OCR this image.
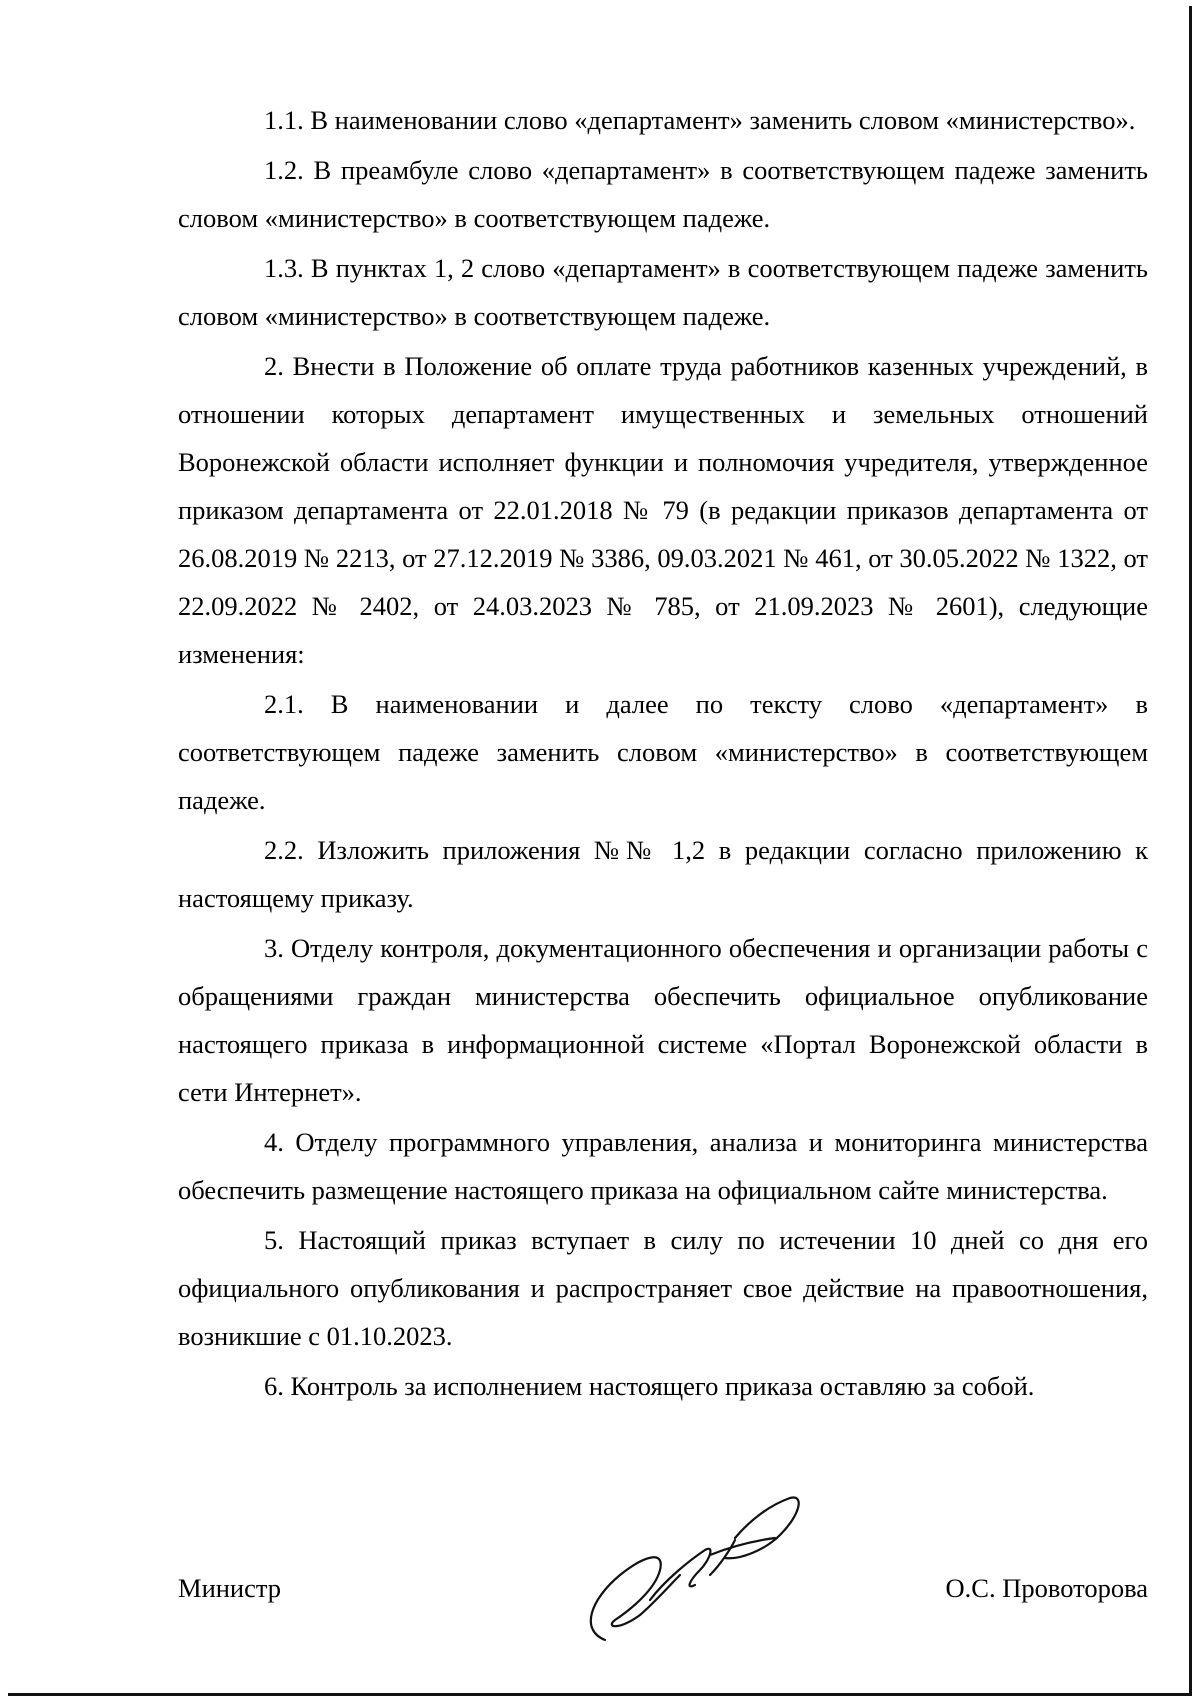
1.1. В наименовании слово «департамент» заменить словом «министерство».

1.2. В преамбуле слово «департамент» в соответствующем падеже заменить словом «министерство» в соответствующем падеже.

1.3. В пунктах 1, 2 слово «департамент» в соответствующем падеже заменить словом «министерство» в соответствующем падеже.

2. Внести в Положение об оплате труда работников казенных учреждений, в отношении которых департамент имущественных и земельных отношений Воронежской области исполняет функции и полномочия учредителя, утвержденное приказом департамента от 22.01.2018 № 79 (в редакции приказов департамента от 26.08.2019 № 2213, от 27.12.2019 № 3386, 09.03.2021 № 461, от 30.05.2022 № 1322, от 22.09.2022 № 2402, от 24.03.2023 № 785, от 21.09.2023 № 2601), следующие изменения:

2.1. В наименовании и далее по тексту слово «департамент» в соответствующем падеже заменить словом «министерство» в соответствующем падеже.

2.2. Изложить приложения №№ 1,2 в редакции согласно приложению к настоящему приказу.

3. Отделу контроля, документационного обеспечения и организации работы с обращениями граждан министерства обеспечить официальное опубликование настоящего приказа в информационной системе «Портал Воронежской области в сети Интернет».

4. Отделу программного управления, анализа и мониторинга министерства обеспечить размещение настоящего приказа на официальном сайте министерства.

5. Настоящий приказ вступает в силу по истечении 10 дней со дня его официального опубликования и распространяет свое действие на правоотношения, возникшие с 01.10.2023.

6. Контроль за исполнением настоящего приказа оставляю за собой.

Министр	О.С. Провоторова
